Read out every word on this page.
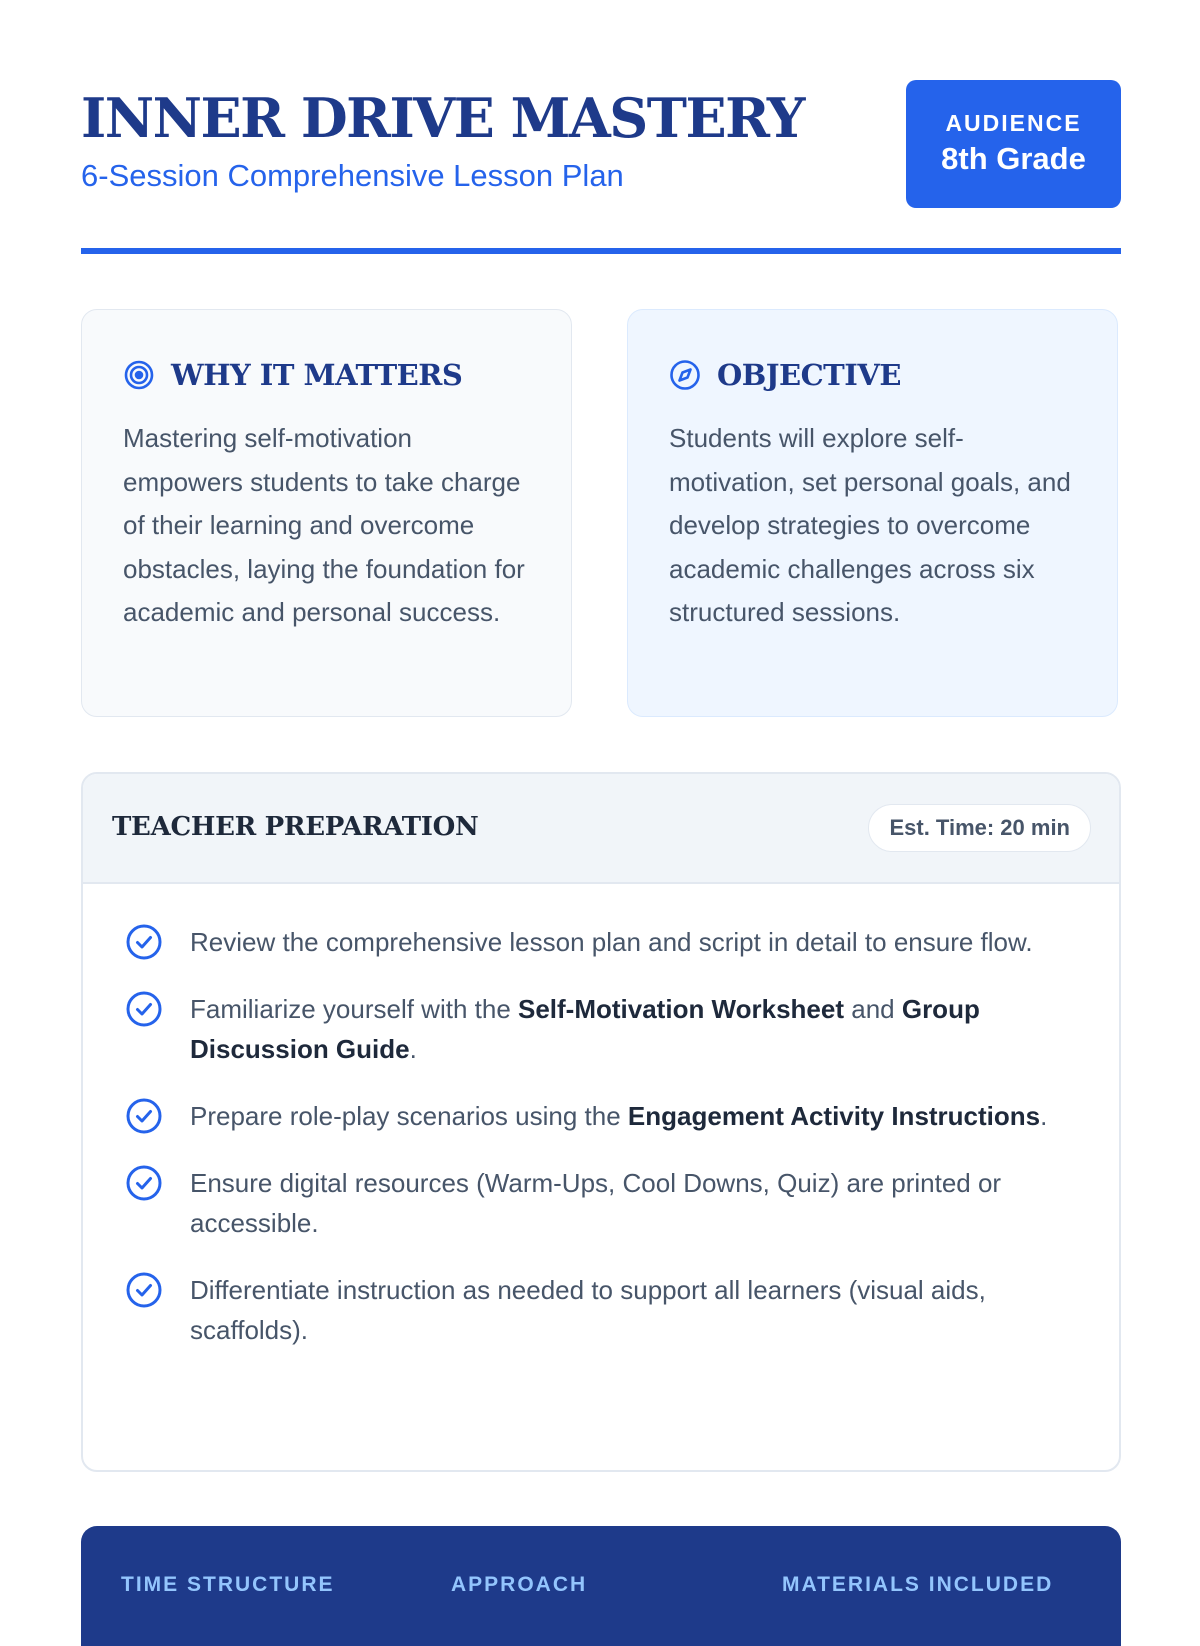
INNER DRIVE MASTERY
6-Session Comprehensive Lesson Plan
AUDIENCE
8th Grade
WHY IT MATTERS
Mastering self-motivation empowers students to take charge of their learning and overcome obstacles, laying the foundation for academic and personal success.
OBJECTIVE
Students will explore self-motivation, set personal goals, and develop strategies to overcome academic challenges across six structured sessions.
TEACHER PREPARATION	Est. Time: 20 min
Review the comprehensive lesson plan and script in detail to ensure flow.
Familiarize yourself with the Self-Motivation Worksheet and Group Discussion Guide.
Prepare role-play scenarios using the Engagement Activity Instructions.
Ensure digital resources (Warm-Ups, Cool Downs, Quiz) are printed or accessible.
Differentiate instruction as needed to support all learners (visual aids, scaffolds).
TIME STRUCTURE	APPROACH	MATERIALS INCLUDED
